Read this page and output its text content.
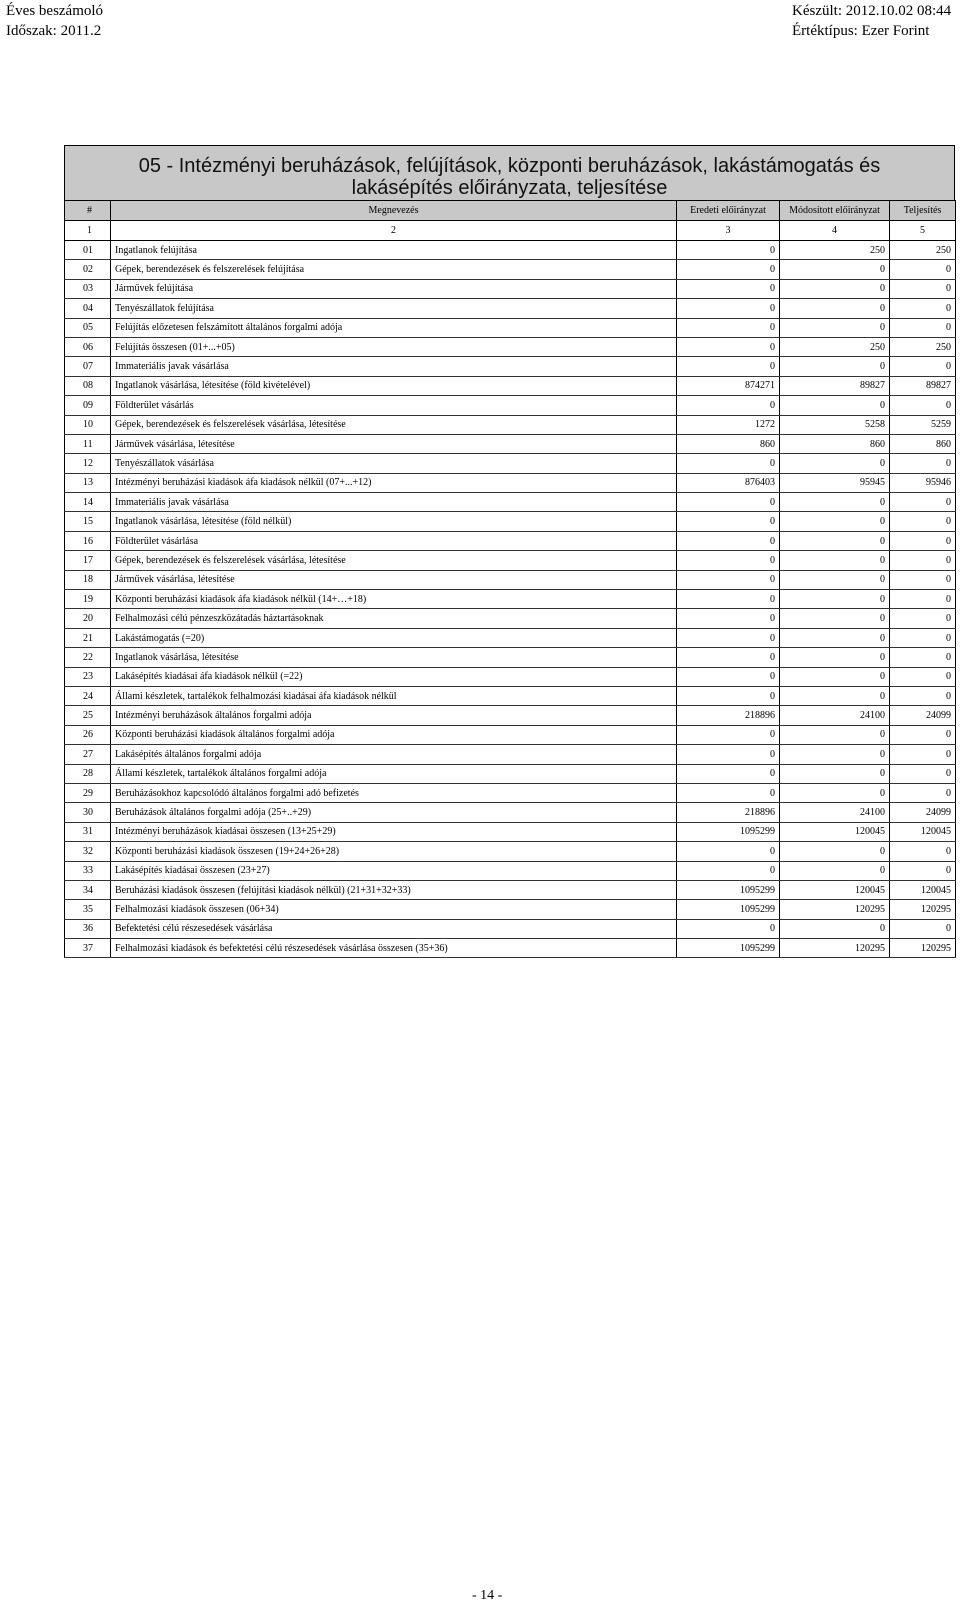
Éves beszámoló
Időszak: 2011.2
Készült: 2012.10.02 08:44
Értéktípus: Ezer Forint
05 - Intézményi beruházások, felújítások, központi beruházások, lakástámogatás és
lakásépítés előirányzata, teljesítése
#	Megnevezés	Eredeti előirányzat	Módosított előirányzat	Teljesítés
1	2	3	4	5
01	Ingatlanok felújítása	0	250	250
02	Gépek, berendezések és felszerelések felújítása	0	0	0
03	Járművek felújítása	0	0	0
04	Tenyészállatok felújítása	0	0	0
05	Felújítás előzetesen felszámított általános forgalmi adója	0	0	0
06	Felújítás összesen (01+...+05)	0	250	250
07	Immateriális javak vásárlása	0	0	0
08	Ingatlanok vásárlása, létesítése (föld kivételével)	874271	89827	89827
09	Földterület vásárlás	0	0	0
10	Gépek, berendezések és felszerelések vásárlása, létesítése	1272	5258	5259
11	Járművek vásárlása, létesítése	860	860	860
12	Tenyészállatok vásárlása	0	0	0
13	Intézményi beruházási kiadások áfa kiadások nélkül (07+...+12)	876403	95945	95946
14	Immateriális javak vásárlása	0	0	0
15	Ingatlanok vásárlása, létesítése (föld nélkül)	0	0	0
16	Földterület vásárlása	0	0	0
17	Gépek, berendezések és felszerelések vásárlása, létesítése	0	0	0
18	Járművek vásárlása, létesítése	0	0	0
19	Központi beruházási kiadások áfa kiadások nélkül (14+…+18)	0	0	0
20	Felhalmozási célú pénzeszközátadás háztartásoknak	0	0	0
21	Lakástámogatás (=20)	0	0	0
22	Ingatlanok vásárlása, létesítése	0	0	0
23	Lakásépítés kiadásai áfa kiadások nélkül (=22)	0	0	0
24	Állami készletek, tartalékok felhalmozási kiadásai áfa kiadások nélkül	0	0	0
25	Intézményi beruházások általános forgalmi adója	218896	24100	24099
26	Központi beruházási kiadások általános forgalmi adója	0	0	0
27	Lakásépítés általános forgalmi adója	0	0	0
28	Állami készletek, tartalékok általános forgalmi adója	0	0	0
29	Beruházásokhoz kapcsolódó általános forgalmi adó befizetés	0	0	0
30	Beruházások általános forgalmi adója (25+..+29)	218896	24100	24099
31	Intézményi beruházások kiadásai összesen (13+25+29)	1095299	120045	120045
32	Központi beruházási kiadások összesen (19+24+26+28)	0	0	0
33	Lakásépítés kiadásai összesen (23+27)	0	0	0
34	Beruházási kiadások összesen (felújítási kiadások nélkül) (21+31+32+33)	1095299	120045	120045
35	Felhalmozási kiadások összesen (06+34)	1095299	120295	120295
36	Befektetési célú részesedések vásárlása	0	0	0
37	Felhalmozási kiadások és befektetési célú részesedések vásárlása összesen (35+36)	1095299	120295	120295
- 14 -
